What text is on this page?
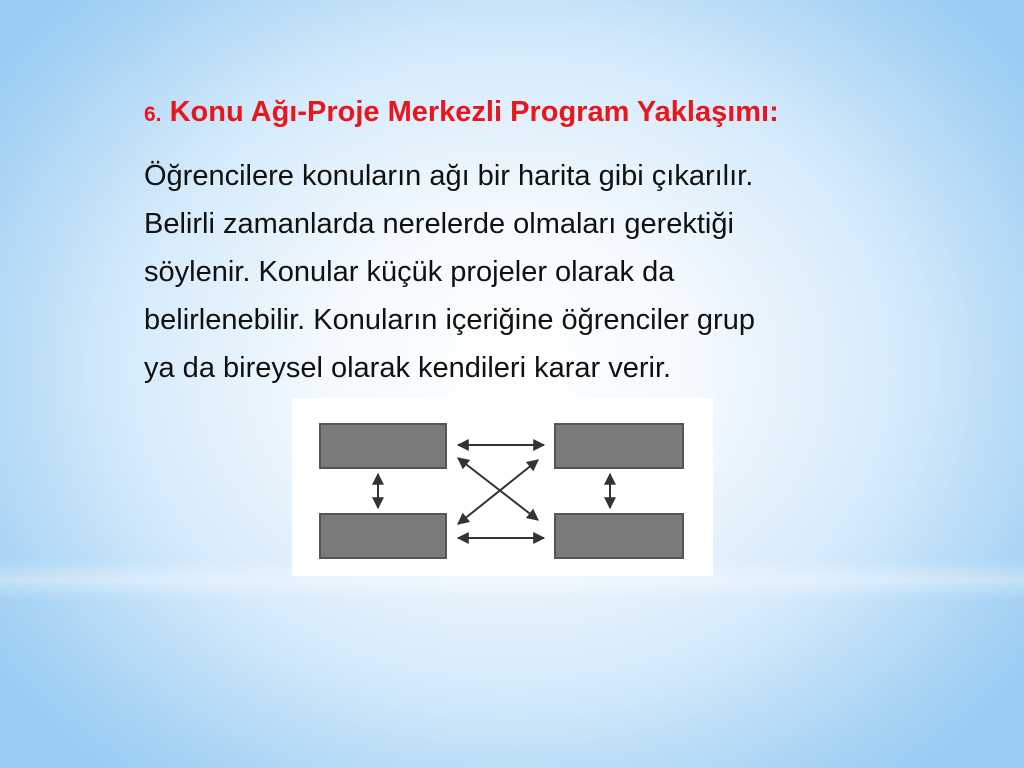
6. Konu Ağı-Proje Merkezli Program Yaklaşımı:

Öğrencilere konuların ağı bir harita gibi çıkarılır.
Belirli zamanlarda nerelerde olmaları gerektiği
söylenir. Konular küçük projeler olarak da
belirlenebilir. Konuların içeriğine öğrenciler grup
ya da bireysel olarak kendileri karar verir.
